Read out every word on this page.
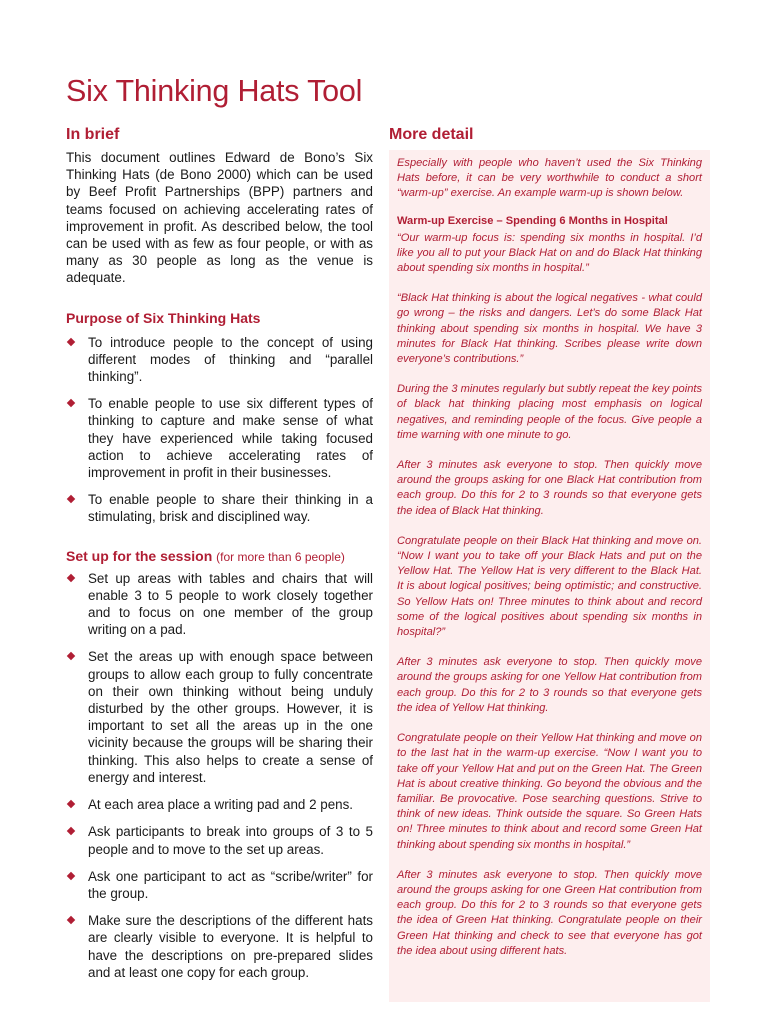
Six Thinking Hats Tool
In brief

This document outlines Edward de Bono’s Six Thinking Hats (de Bono 2000) which can be used by Beef Profit Partnerships (BPP) partners and teams focused on achieving accelerating rates of improvement in profit. As described below, the tool can be used with as few as four people, or with as many as 30 people as long as the venue is adequate.

Purpose of Six Thinking Hats
To introduce people to the concept of using different modes of thinking and “parallel thinking”.
To enable people to use six different types of thinking to capture and make sense of what they have experienced while taking focused action to achieve accelerating rates of improvement in profit in their businesses.
To enable people to share their thinking in a stimulating, brisk and disciplined way.
Set up for the session (for more than 6 people)
Set up areas with tables and chairs that will enable 3 to 5 people to work closely together and to focus on one member of the group writing on a pad.
Set the areas up with enough space between groups to allow each group to fully concentrate on their own thinking without being unduly disturbed by the other groups. However, it is important to set all the areas up in the one vicinity because the groups will be sharing their thinking. This also helps to create a sense of energy and interest.
At each area place a writing pad and 2 pens.
Ask participants to break into groups of 3 to 5 people and to move to the set up areas.
Ask one participant to act as “scribe/writer” for the group.
Make sure the descriptions of the different hats are clearly visible to everyone. It is helpful to have the descriptions on pre-prepared slides and at least one copy for each group.
More detail

Especially with people who haven’t used the Six Thinking Hats before, it can be very worthwhile to conduct a short “warm-up” exercise. An example warm-up is shown below.

Warm-up Exercise – Spending 6 Months in Hospital

“Our warm-up focus is: spending six months in hospital. I’d like you all to put your Black Hat on and do Black Hat thinking about spending six months in hospital.”

“Black Hat thinking is about the logical negatives - what could go wrong – the risks and dangers. Let’s do some Black Hat thinking about spending six months in hospital. We have 3 minutes for Black Hat thinking. Scribes please write down everyone’s contributions.”

During the 3 minutes regularly but subtly repeat the key points of black hat thinking placing most emphasis on logical negatives, and reminding people of the focus. Give people a time warning with one minute to go.

After 3 minutes ask everyone to stop. Then quickly move around the groups asking for one Black Hat contribution from each group. Do this for 2 to 3 rounds so that everyone gets the idea of Black Hat thinking.

Congratulate people on their Black Hat thinking and move on. “Now I want you to take off your Black Hats and put on the Yellow Hat. The Yellow Hat is very different to the Black Hat. It is about logical positives; being optimistic; and constructive. So Yellow Hats on! Three minutes to think about and record some of the logical positives about spending six months in hospital?”

After 3 minutes ask everyone to stop. Then quickly move around the groups asking for one Yellow Hat contribution from each group. Do this for 2 to 3 rounds so that everyone gets the idea of Yellow Hat thinking.

Congratulate people on their Yellow Hat thinking and move on to the last hat in the warm-up exercise. “Now I want you to take off your Yellow Hat and put on the Green Hat. The Green Hat is about creative thinking. Go beyond the obvious and the familiar. Be provocative. Pose searching questions. Strive to think of new ideas. Think outside the square. So Green Hats on! Three minutes to think about and record some Green Hat thinking about spending six months in hospital.”

After 3 minutes ask everyone to stop. Then quickly move around the groups asking for one Green Hat contribution from each group. Do this for 2 to 3 rounds so that everyone gets the idea of Green Hat thinking. Congratulate people on their Green Hat thinking and check to see that everyone has got the idea about using different hats.
